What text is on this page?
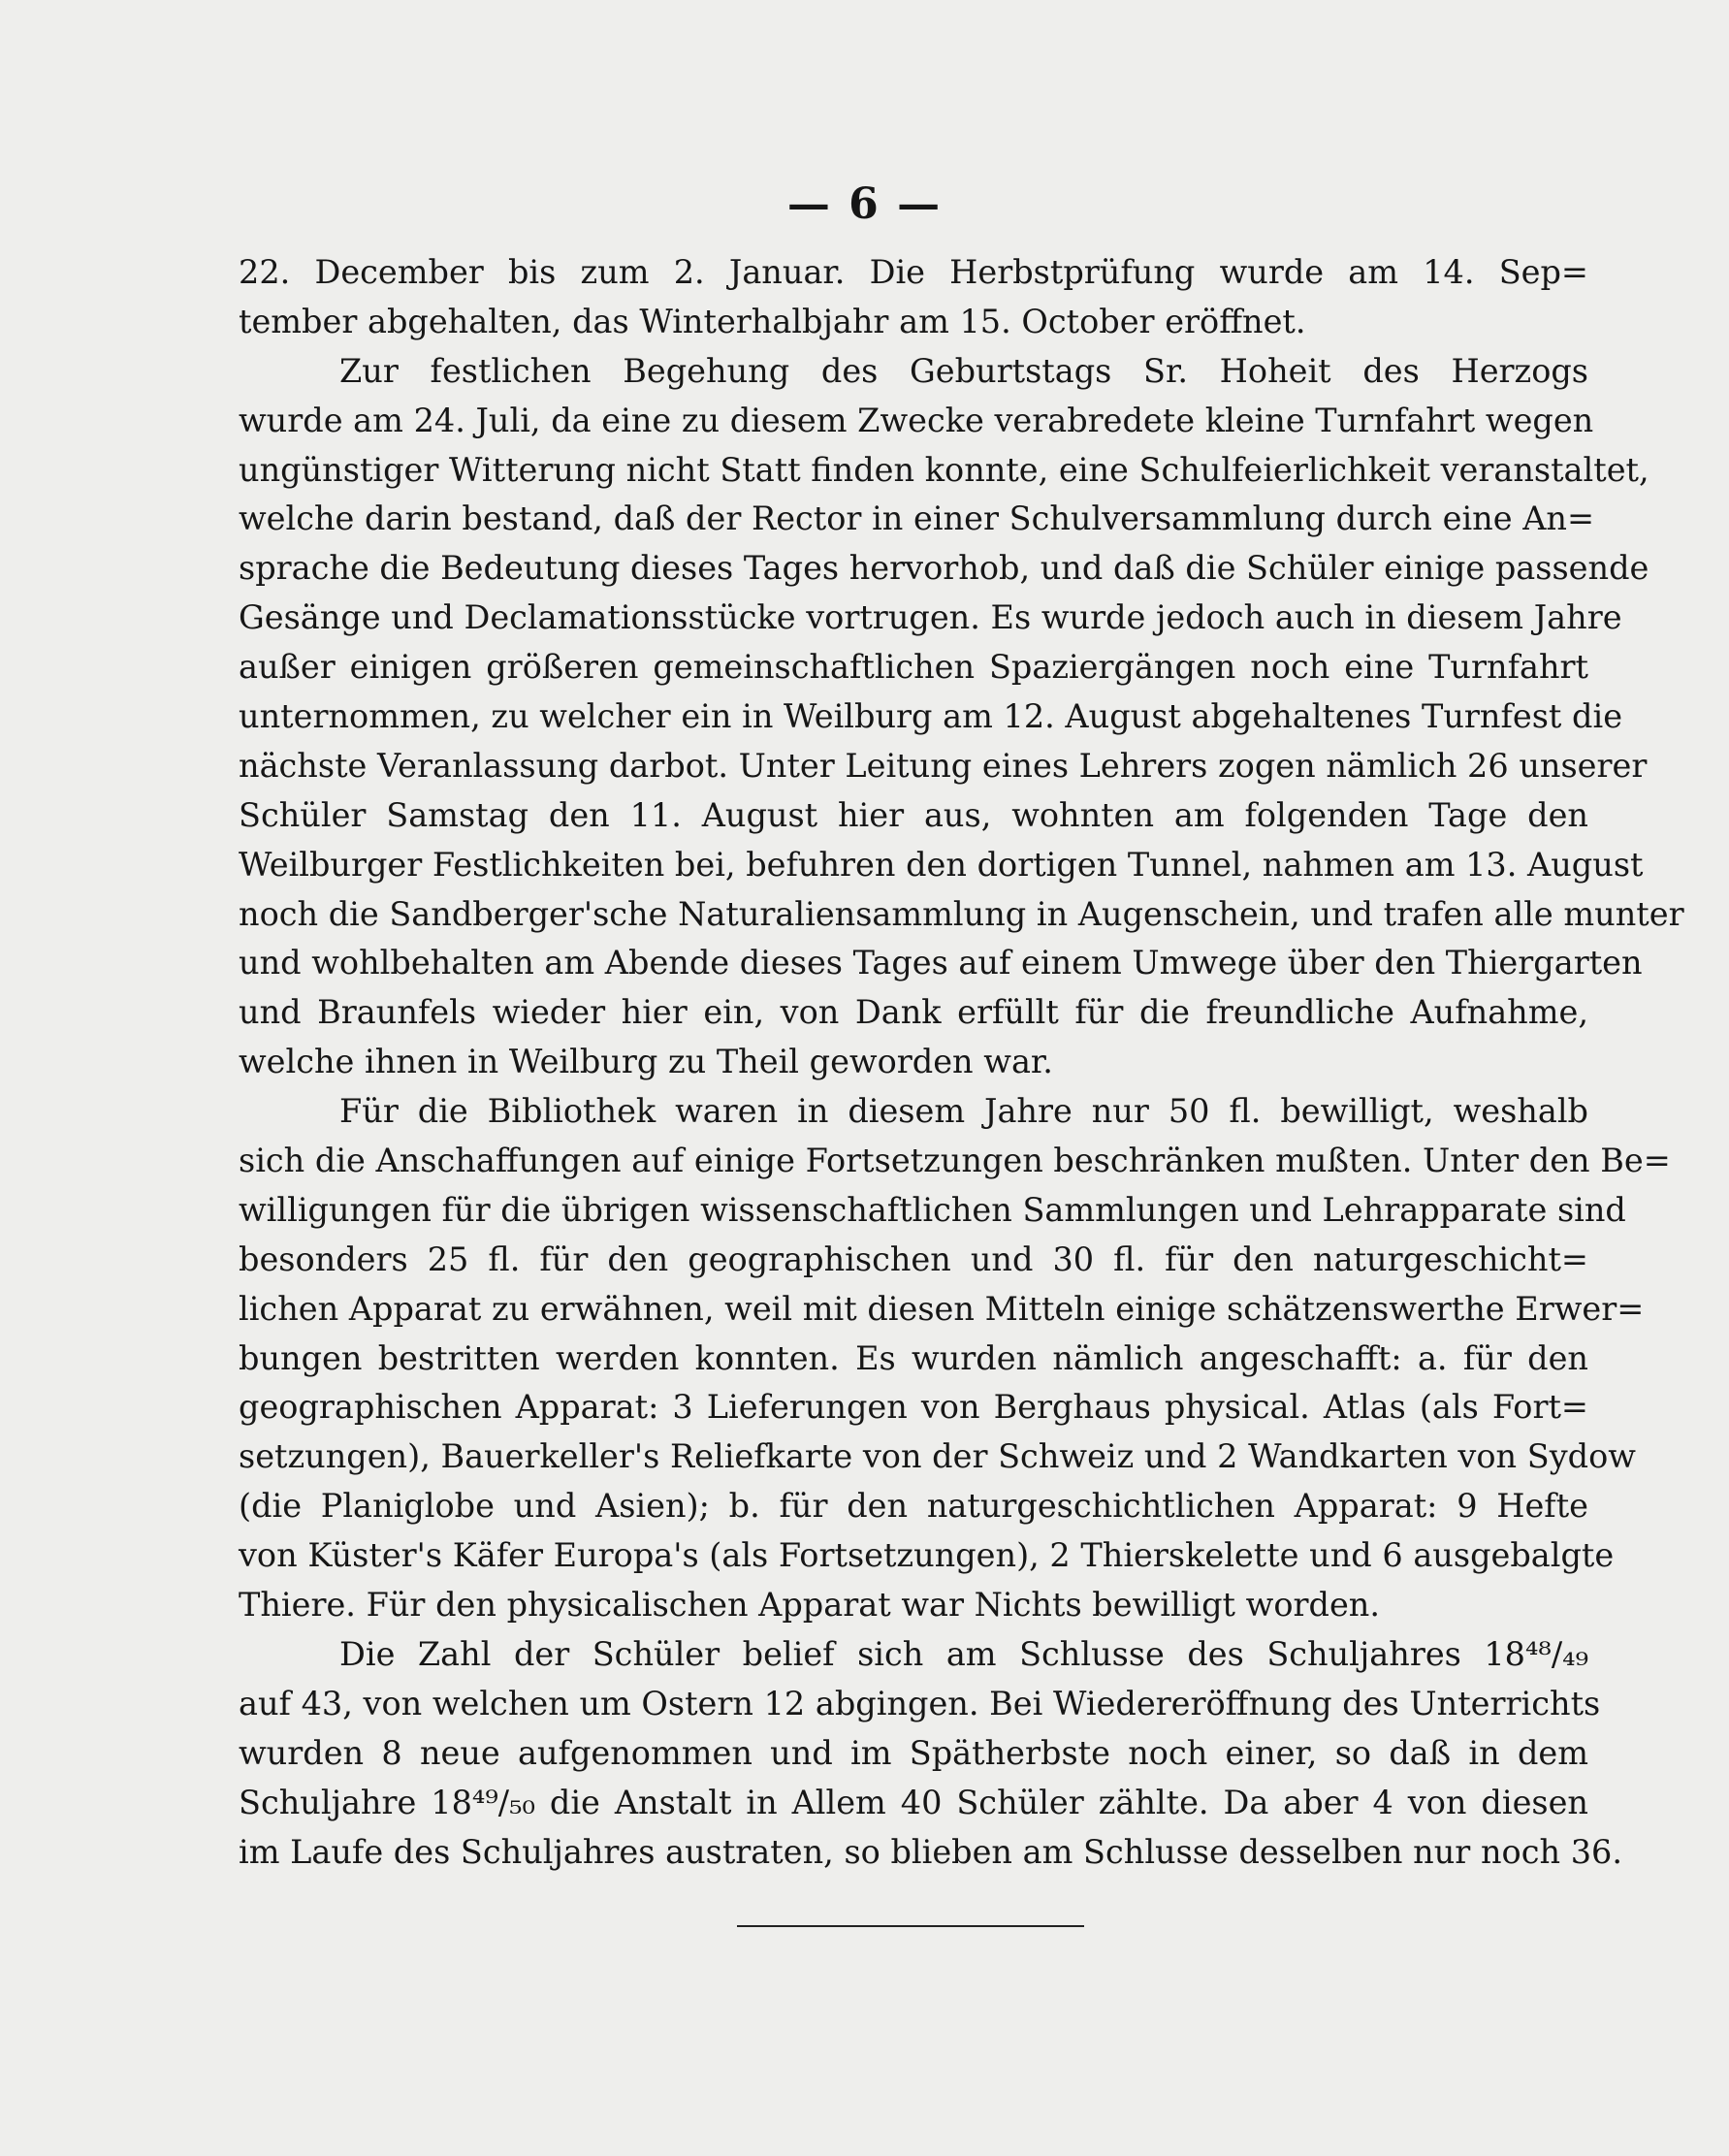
— 6 —
22. December bis zum 2. Januar. Die Herbstprüfung wurde am 14. Sep=
tember abgehalten, das Winterhalbjahr am 15. October eröffnet.
Zur festlichen Begehung des Geburtstags Sr. Hoheit des Herzogs
wurde am 24. Juli, da eine zu diesem Zwecke verabredete kleine Turnfahrt wegen
ungünstiger Witterung nicht Statt finden konnte, eine Schulfeierlichkeit veranstaltet,
welche darin bestand, daß der Rector in einer Schulversammlung durch eine An=
sprache die Bedeutung dieses Tages hervorhob, und daß die Schüler einige passende
Gesänge und Declamationsstücke vortrugen. Es wurde jedoch auch in diesem Jahre
außer einigen größeren gemeinschaftlichen Spaziergängen noch eine Turnfahrt
unternommen, zu welcher ein in Weilburg am 12. August abgehaltenes Turnfest die
nächste Veranlassung darbot. Unter Leitung eines Lehrers zogen nämlich 26 unserer
Schüler Samstag den 11. August hier aus, wohnten am folgenden Tage den
Weilburger Festlichkeiten bei, befuhren den dortigen Tunnel, nahmen am 13. August
noch die Sandberger'sche Naturaliensammlung in Augenschein, und trafen alle munter
und wohlbehalten am Abende dieses Tages auf einem Umwege über den Thiergarten
und Braunfels wieder hier ein, von Dank erfüllt für die freundliche Aufnahme,
welche ihnen in Weilburg zu Theil geworden war.
Für die Bibliothek waren in diesem Jahre nur 50 fl. bewilligt, weshalb
sich die Anschaffungen auf einige Fortsetzungen beschränken mußten. Unter den Be=
willigungen für die übrigen wissenschaftlichen Sammlungen und Lehrapparate sind
besonders 25 fl. für den geographischen und 30 fl. für den naturgeschicht=
lichen Apparat zu erwähnen, weil mit diesen Mitteln einige schätzenswerthe Erwer=
bungen bestritten werden konnten. Es wurden nämlich angeschafft: a. für den
geographischen Apparat: 3 Lieferungen von Berghaus physical. Atlas (als Fort=
setzungen), Bauerkeller's Reliefkarte von der Schweiz und 2 Wandkarten von Sydow
(die Planiglobe und Asien); b. für den naturgeschichtlichen Apparat: 9 Hefte
von Küster's Käfer Europa's (als Fortsetzungen), 2 Thierskelette und 6 ausgebalgte
Thiere. Für den physicalischen Apparat war Nichts bewilligt worden.
Die Zahl der Schüler belief sich am Schlusse des Schuljahres 18⁴⁸/₄₉
auf 43, von welchen um Ostern 12 abgingen. Bei Wiedereröffnung des Unterrichts
wurden 8 neue aufgenommen und im Spätherbste noch einer, so daß in dem
Schuljahre 18⁴⁹/₅₀ die Anstalt in Allem 40 Schüler zählte. Da aber 4 von diesen
im Laufe des Schuljahres austraten, so blieben am Schlusse desselben nur noch 36.
